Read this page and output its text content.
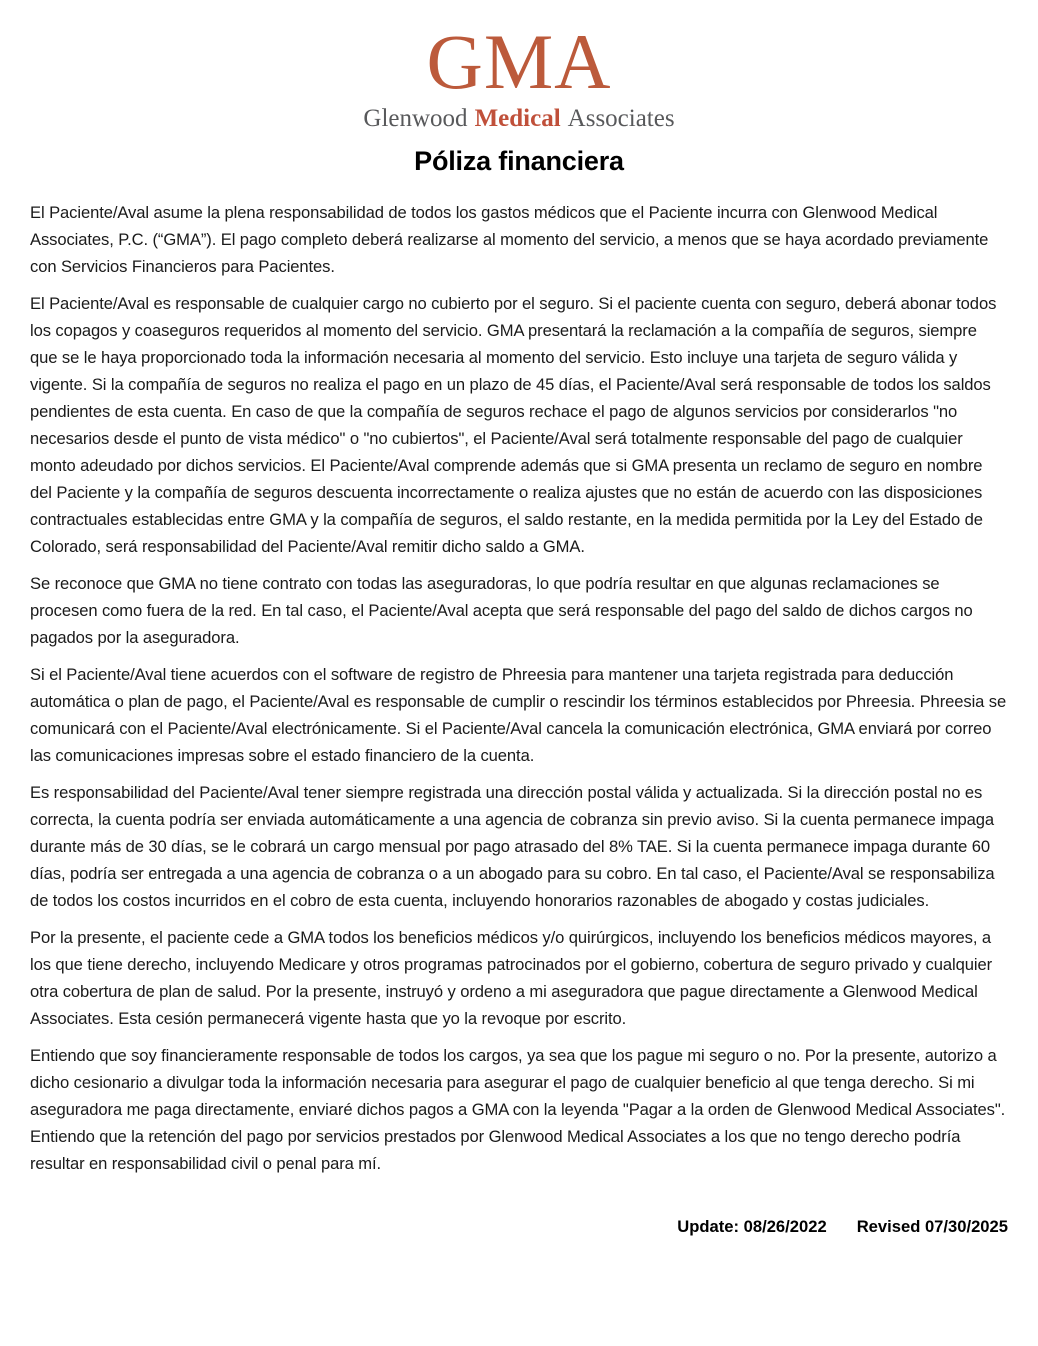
GMA
Glenwood Medical Associates
Póliza financiera

El Paciente/Aval asume la plena responsabilidad de todos los gastos médicos que el Paciente incurra con Glenwood Medical Associates, P.C. (“GMA”). El pago completo deberá realizarse al momento del servicio, a menos que se haya acordado previamente con Servicios Financieros para Pacientes.

El Paciente/Aval es responsable de cualquier cargo no cubierto por el seguro. Si el paciente cuenta con seguro, deberá abonar todos los copagos y coaseguros requeridos al momento del servicio. GMA presentará la reclamación a la compañía de seguros, siempre que se le haya proporcionado toda la información necesaria al momento del servicio. Esto incluye una tarjeta de seguro válida y vigente. Si la compañía de seguros no realiza el pago en un plazo de 45 días, el Paciente/Aval será responsable de todos los saldos pendientes de esta cuenta. En caso de que la compañía de seguros rechace el pago de algunos servicios por considerarlos "no necesarios desde el punto de vista médico" o "no cubiertos", el Paciente/Aval será totalmente responsable del pago de cualquier monto adeudado por dichos servicios. El Paciente/Aval comprende además que si GMA presenta un reclamo de seguro en nombre del Paciente y la compañía de seguros descuenta incorrectamente o realiza ajustes que no están de acuerdo con las disposiciones contractuales establecidas entre GMA y la compañía de seguros, el saldo restante, en la medida permitida por la Ley del Estado de Colorado, será responsabilidad del Paciente/Aval remitir dicho saldo a GMA.

Se reconoce que GMA no tiene contrato con todas las aseguradoras, lo que podría resultar en que algunas reclamaciones se procesen como fuera de la red. En tal caso, el Paciente/Aval acepta que será responsable del pago del saldo de dichos cargos no pagados por la aseguradora.

Si el Paciente/Aval tiene acuerdos con el software de registro de Phreesia para mantener una tarjeta registrada para deducción automática o plan de pago, el Paciente/Aval es responsable de cumplir o rescindir los términos establecidos por Phreesia. Phreesia se comunicará con el Paciente/Aval electrónicamente. Si el Paciente/Aval cancela la comunicación electrónica, GMA enviará por correo las comunicaciones impresas sobre el estado financiero de la cuenta.

Es responsabilidad del Paciente/Aval tener siempre registrada una dirección postal válida y actualizada. Si la dirección postal no es correcta, la cuenta podría ser enviada automáticamente a una agencia de cobranza sin previo aviso. Si la cuenta permanece impaga durante más de 30 días, se le cobrará un cargo mensual por pago atrasado del 8% TAE. Si la cuenta permanece impaga durante 60 días, podría ser entregada a una agencia de cobranza o a un abogado para su cobro. En tal caso, el Paciente/Aval se responsabiliza de todos los costos incurridos en el cobro de esta cuenta, incluyendo honorarios razonables de abogado y costas judiciales.

Por la presente, el paciente cede a GMA todos los beneficios médicos y/o quirúrgicos, incluyendo los beneficios médicos mayores, a los que tiene derecho, incluyendo Medicare y otros programas patrocinados por el gobierno, cobertura de seguro privado y cualquier otra cobertura de plan de salud. Por la presente, instruyó y ordeno a mi aseguradora que pague directamente a Glenwood Medical Associates. Esta cesión permanecerá vigente hasta que yo la revoque por escrito.

Entiendo que soy financieramente responsable de todos los cargos, ya sea que los pague mi seguro o no. Por la presente, autorizo a dicho cesionario a divulgar toda la información necesaria para asegurar el pago de cualquier beneficio al que tenga derecho. Si mi aseguradora me paga directamente, enviaré dichos pagos a GMA con la leyenda "Pagar a la orden de Glenwood Medical Associates". Entiendo que la retención del pago por servicios prestados por Glenwood Medical Associates a los que no tengo derecho podría resultar en responsabilidad civil o penal para mí.

Update: 08/26/2022 Revised 07/30/2025
